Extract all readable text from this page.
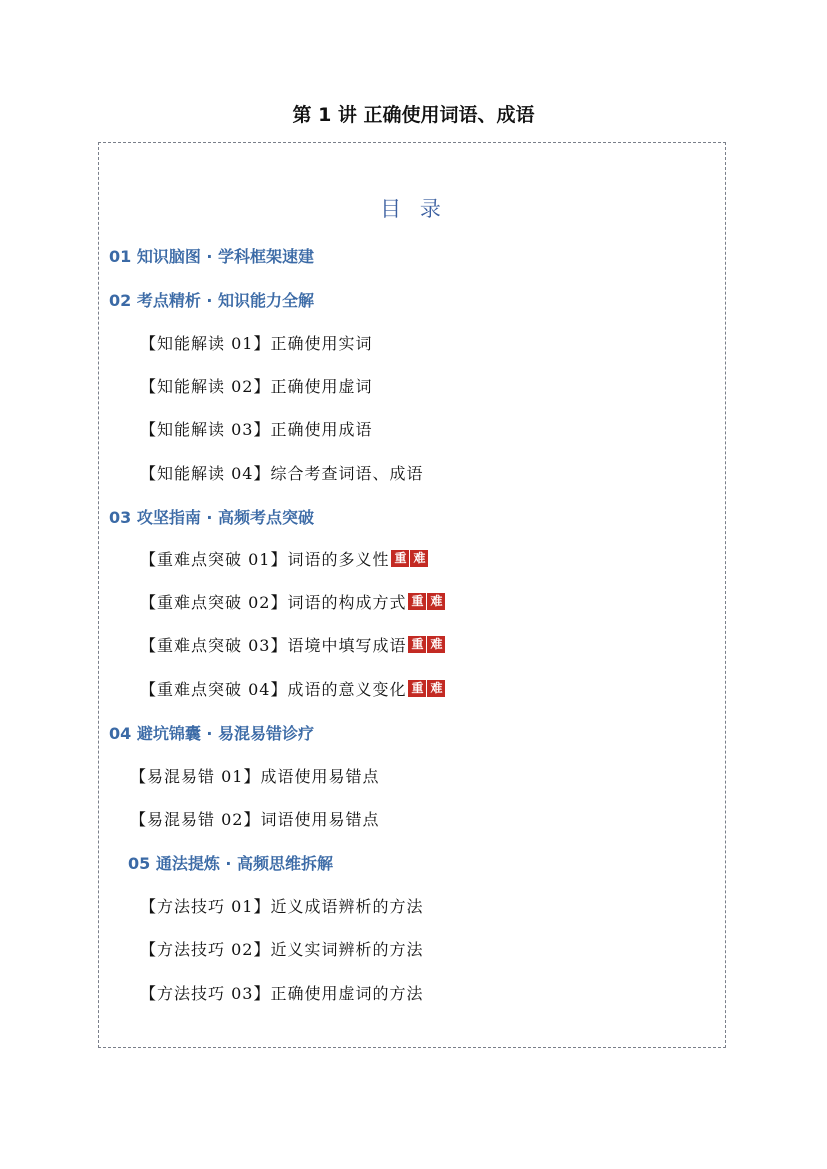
第 1 讲 正确使用词语、成语
目 录
01 知识脑图 · 学科框架速建
02 考点精析 · 知识能力全解
【知能解读 01】正确使用实词
【知能解读 02】正确使用虚词
【知能解读 03】正确使用成语
【知能解读 04】综合考查词语、成语
03 攻坚指南 · 高频考点突破
【重难点突破 01】词语的多义性 重 难
【重难点突破 02】词语的构成方式 重 难
【重难点突破 03】语境中填写成语 重 难
【重难点突破 04】成语的意义变化 重 难
04 避坑锦囊 · 易混易错诊疗
【易混易错 01】成语使用易错点
【易混易错 02】词语使用易错点
05 通法提炼 · 高频思维拆解
【方法技巧 01】近义成语辨析的方法
【方法技巧 02】近义实词辨析的方法
【方法技巧 03】正确使用虚词的方法
